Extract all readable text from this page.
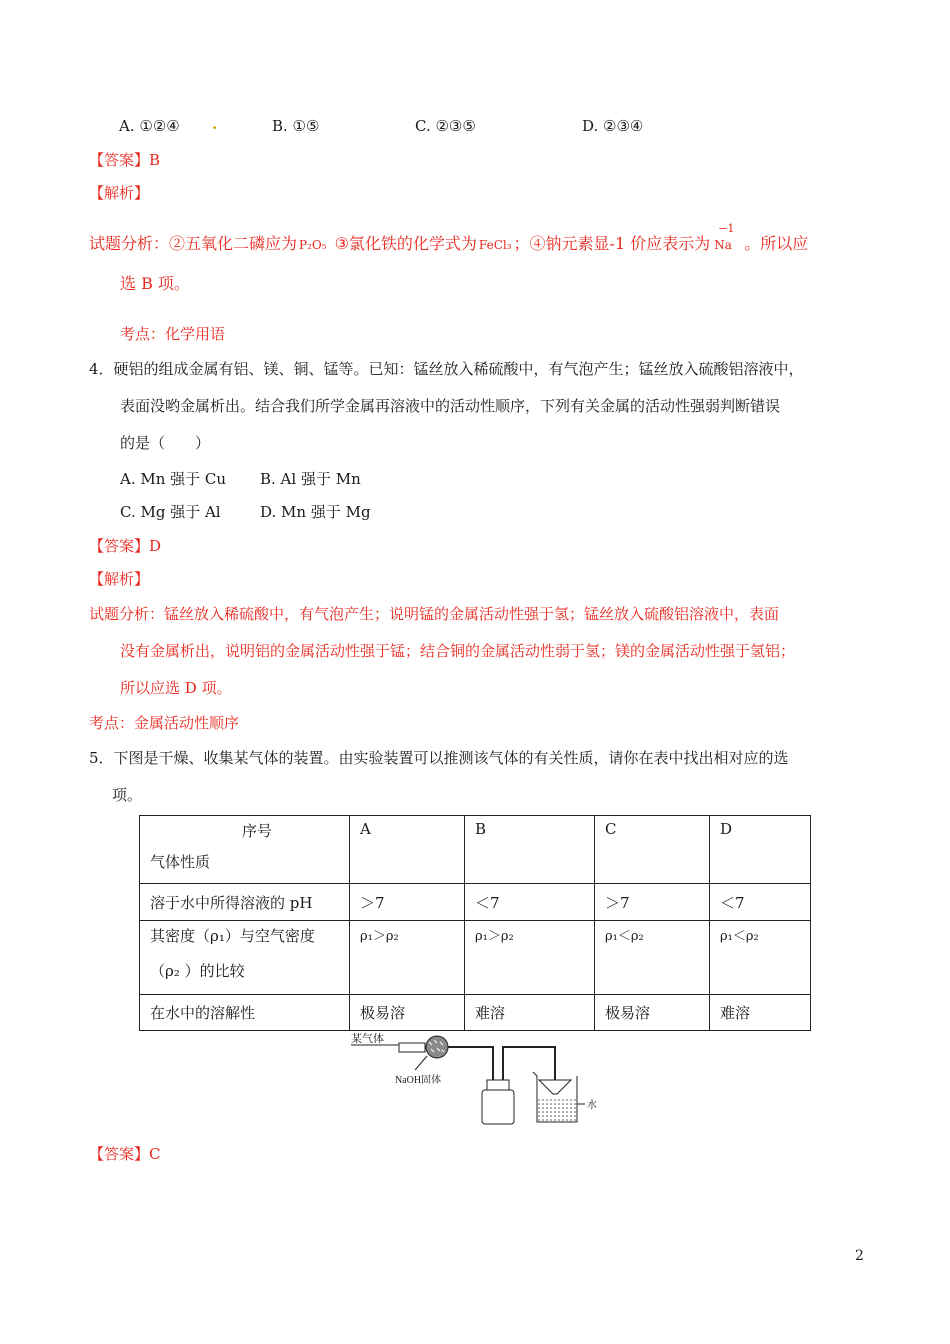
A. ①②④ .	B. ①⑤	C. ②③⑤	D. ②③④
【答案】B
【解析】
试题分析：②五氧化二磷应为 P₂O₅ ③氯化铁的化学式为 FeCl₃ ；④钠元素显-1 价应表示为
−1
Na 。所以应
选 B 项。
考点：化学用语
4．硬铝的组成金属有铝、镁、铜、锰等。已知：锰丝放入稀硫酸中，有气泡产生；锰丝放入硫酸铝溶液中，
表面没哟金属析出。结合我们所学金属再溶液中的活动性顺序，下列有关金属的活动性强弱判断错误
的是（　　）
A. Mn 强于 Cu B. Al 强于 Mn
C. Mg 强于 Al	D. Mn 强于 Mg
【答案】D
【解析】
试题分析：锰丝放入稀硫酸中，有气泡产生；说明锰的金属活动性强于氢；锰丝放入硫酸铝溶液中，表面
没有金属析出，说明铝的金属活动性强于锰；结合铜的金属活动性弱于氢；镁的金属活动性强于氢铝；
所以应选 D 项。
考点：金属活动性顺序
5．下图是干燥、收集某气体的装置。由实验装置可以推测该气体的有关性质，请你在表中找出相对应的选
项。
序号
气体性质	A	B	C	D
溶于水中所得溶液的 pH	＞7	＜7	＞7	＜7

其密度（ρ₁）与空气密度
（ρ₂ ）的比较	ρ₁＞ρ₂	ρ₁＞ρ₂	ρ₁＜ρ₂	ρ₁＜ρ₂
在水中的溶解性	极易溶	难溶	极易溶	难溶
某气体
NaOH固体
水
【答案】C
2
